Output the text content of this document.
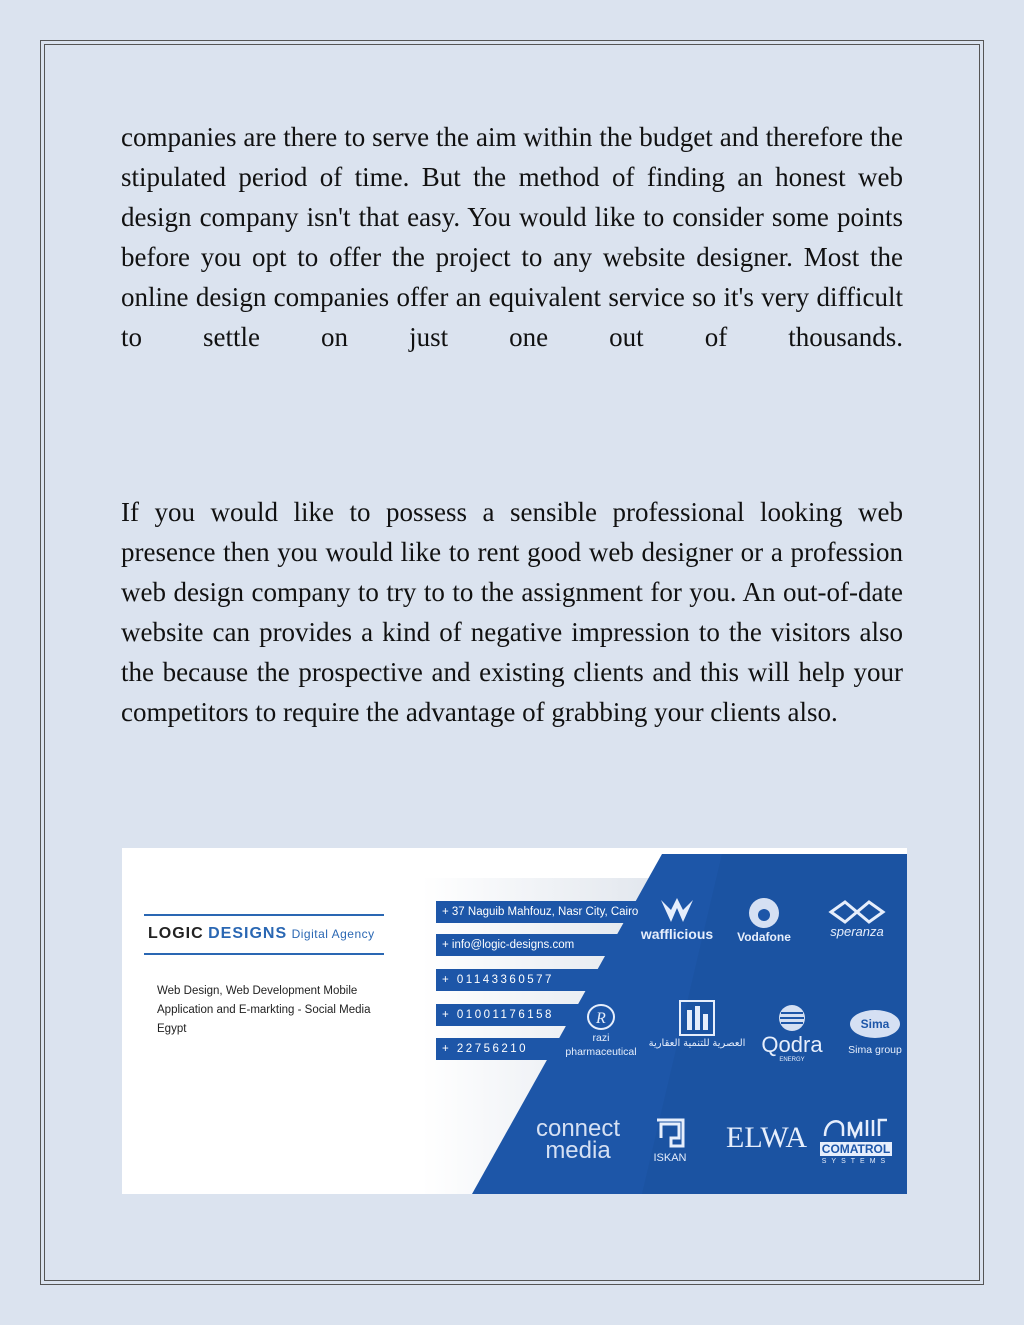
companies are there to serve the aim within the budget and therefore the stipulated period of time. But the method of finding an honest web design company isn't that easy. You would like to consider some points before you opt to offer the project to any website designer. Most the online design companies offer an equivalent service so it's very difficult to settle on just one out of thousands.

If you would like to possess a sensible professional looking web presence then you would like to rent good web designer or a profession web design company to try to to the assignment for you. An out-of-date website can provides a kind of negative impression to the visitors also the because the prospective and existing clients and this will help your competitors to require the advantage of grabbing your clients also.

LOGIC DESIGNS Digital Agency
Web Design, Web Development Mobile Application and E-markting - Social Media Egypt
+ 37 Naguib Mahfouz, Nasr City, Cairo
+ info@logic-designs.com
+ 01143360577
+ 01001176158
+ 22756210
wafflicious	Vodafone	speranza
R
razi pharmaceutical
العصرية للتنمية العقارية Qodra
ENERGY
Sima
Sima group
connect media	ISKAN
ELWA	COMATROL
SYSTEMS
